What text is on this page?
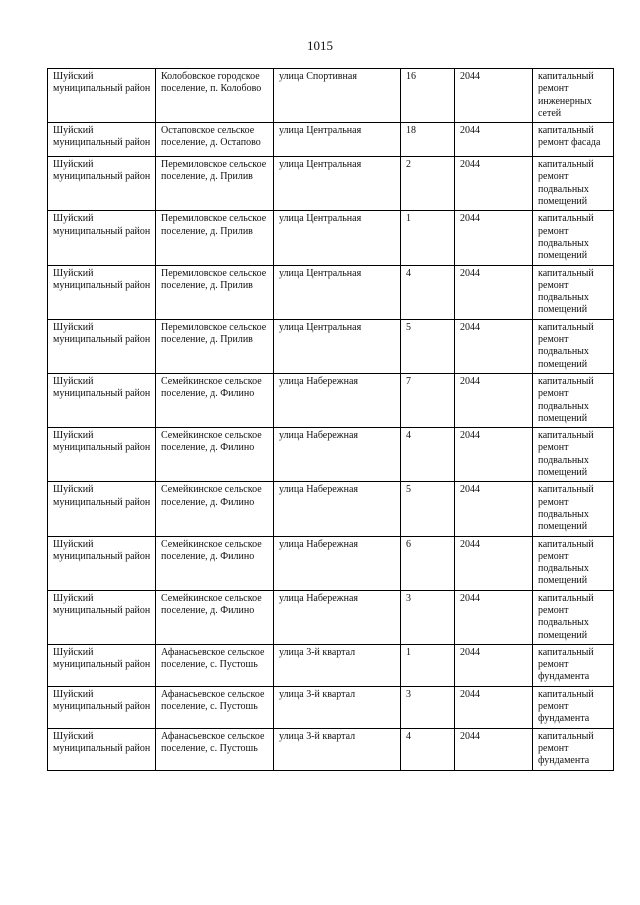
1015
Шуйский муниципальный район	Колобовское городское поселение, п. Колобово	улица Спортивная	16	2044	капитальный ремонт инженерных сетей
Шуйский муниципальный район	Остаповское сельское поселение, д. Остапово	улица Центральная	18	2044	капитальный ремонт фасада
Шуйский муниципальный район	Перемиловское сельское поселение, д. Прилив	улица Центральная	2	2044	капитальный ремонт подвальных помещений
Шуйский муниципальный район	Перемиловское сельское поселение, д. Прилив	улица Центральная	1	2044	капитальный ремонт подвальных помещений
Шуйский муниципальный район	Перемиловское сельское поселение, д. Прилив	улица Центральная	4	2044	капитальный ремонт подвальных помещений
Шуйский муниципальный район	Перемиловское сельское поселение, д. Прилив	улица Центральная	5	2044	капитальный ремонт подвальных помещений
Шуйский муниципальный район	Семейкинское сельское поселение, д. Филино	улица Набережная	7	2044	капитальный ремонт подвальных помещений
Шуйский муниципальный район	Семейкинское сельское поселение, д. Филино	улица Набережная	4	2044	капитальный ремонт подвальных помещений
Шуйский муниципальный район	Семейкинское сельское поселение, д. Филино	улица Набережная	5	2044	капитальный ремонт подвальных помещений
Шуйский муниципальный район	Семейкинское сельское поселение, д. Филино	улица Набережная	6	2044	капитальный ремонт подвальных помещений
Шуйский муниципальный район	Семейкинское сельское поселение, д. Филино	улица Набережная	3	2044	капитальный ремонт подвальных помещений
Шуйский муниципальный район	Афанасьевское сельское поселение, с. Пустошь	улица 3-й квартал	1	2044	капитальный ремонт фундамента
Шуйский муниципальный район	Афанасьевское сельское поселение, с. Пустошь	улица 3-й квартал	3	2044	капитальный ремонт фундамента
Шуйский муниципальный район	Афанасьевское сельское поселение, с. Пустошь	улица 3-й квартал	4	2044	капитальный ремонт фундамента
